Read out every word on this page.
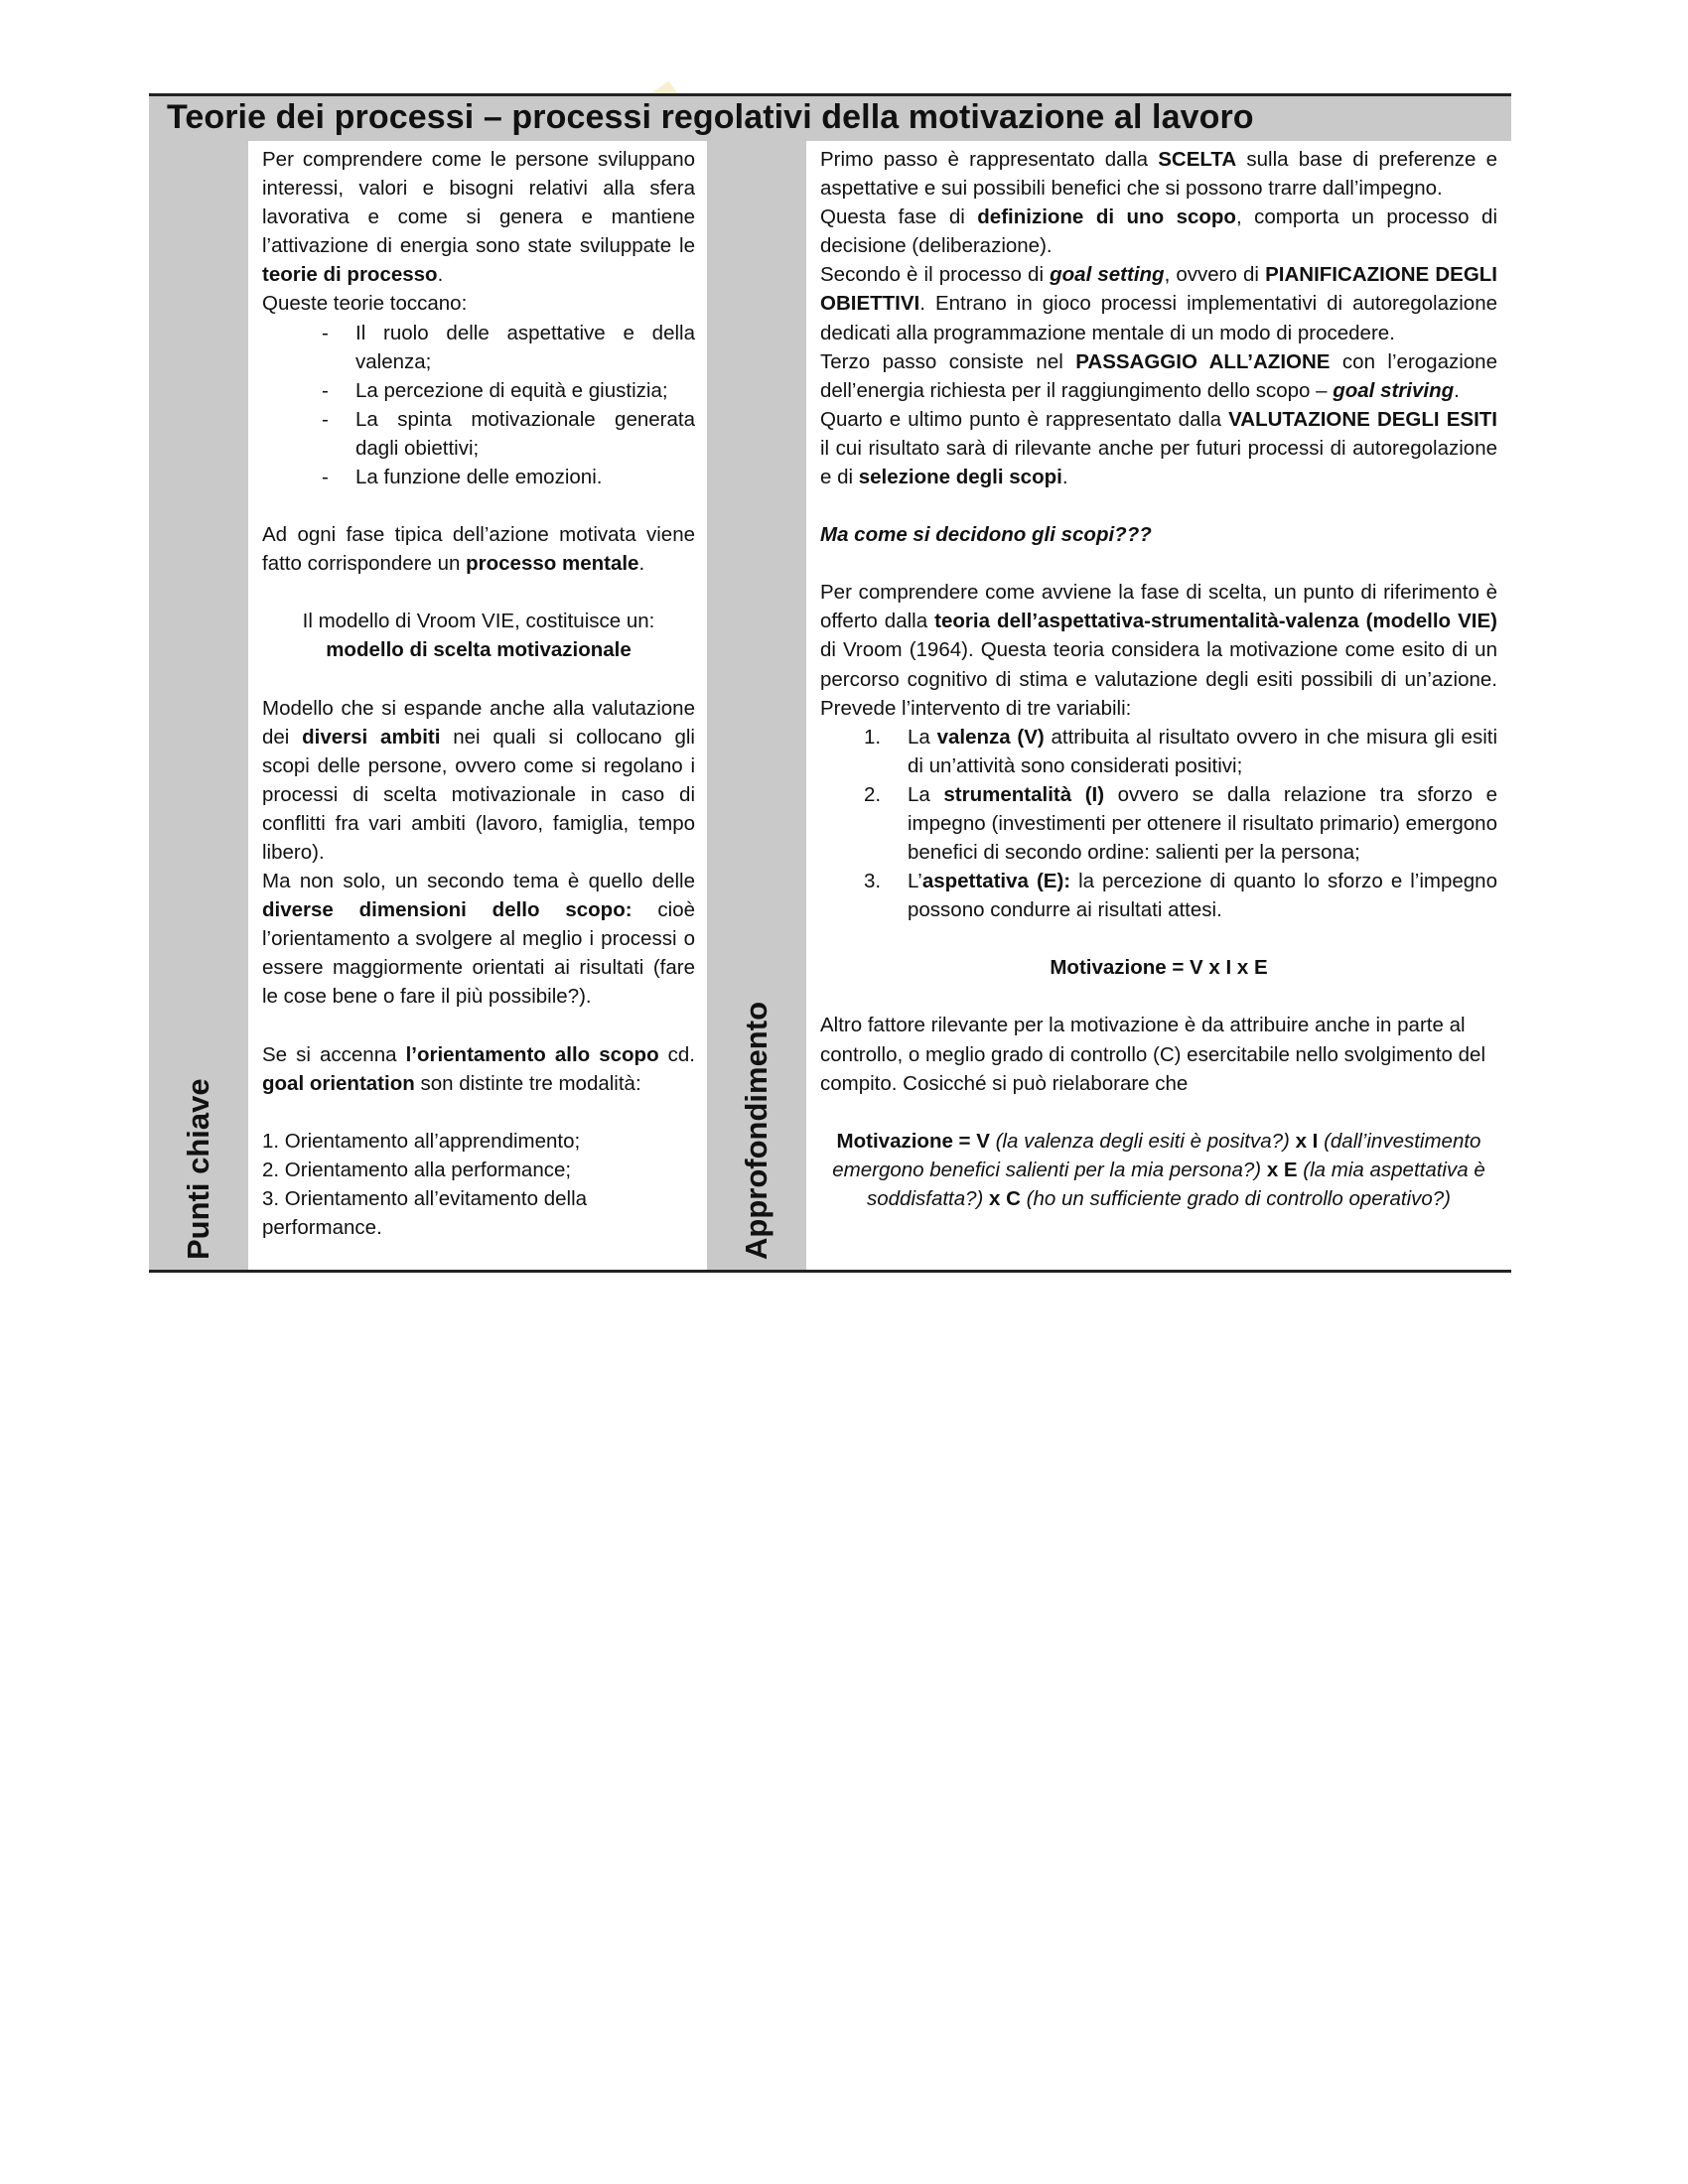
Teorie dei processi – processi regolativi della motivazione al lavoro
Punti chiave

Per comprendere come le persone sviluppano interessi, valori e bisogni relativi alla sfera lavorativa e come si genera e mantiene l’attivazione di energia sono state sviluppate le teorie di processo.

Queste teorie toccano:

- Il ruolo delle aspettative e della valenza;
- La percezione di equità e giustizia;
- La spinta motivazionale generata dagli obiettivi;
- La funzione delle emozioni.

Ad ogni fase tipica dell’azione motivata viene fatto corrispondere un processo mentale.

Il modello di Vroom VIE, costituisce un:

modello di scelta motivazionale

Modello che si espande anche alla valutazione dei diversi ambiti nei quali si collocano gli scopi delle persone, ovvero come si regolano i processi di scelta motivazionale in caso di conflitti fra vari ambiti (lavoro, famiglia, tempo libero).

Ma non solo, un secondo tema è quello delle diverse dimensioni dello scopo: cioè l’orientamento a svolgere al meglio i processi o essere maggiormente orientati ai risultati (fare le cose bene o fare il più possibile?).

Se si accenna l’orientamento allo scopo cd. goal orientation son distinte tre modalità:

1. Orientamento all’apprendimento;

2. Orientamento alla performance;

3. Orientamento all’evitamento della performance.	Approfondimento

Primo passo è rappresentato dalla SCELTA sulla base di preferenze e aspettative e sui possibili benefici che si possono trarre dall’impegno.

Questa fase di definizione di uno scopo, comporta un processo di decisione (deliberazione).

Secondo è il processo di goal setting, ovvero di PIANIFICAZIONE DEGLI OBIETTIVI. Entrano in gioco processi implementativi di autoregolazione dedicati alla programmazione mentale di un modo di procedere.

Terzo passo consiste nel PASSAGGIO ALL’AZIONE con l’erogazione dell’energia richiesta per il raggiungimento dello scopo – goal striving.

Quarto e ultimo punto è rappresentato dalla VALUTAZIONE DEGLI ESITI il cui risultato sarà di rilevante anche per futuri processi di autoregolazione e di selezione degli scopi.

Ma come si decidono gli scopi???

Per comprendere come avviene la fase di scelta, un punto di riferimento è offerto dalla teoria dell’aspettativa-strumentalità-valenza (modello VIE) di Vroom (1964). Questa teoria considera la motivazione come esito di un percorso cognitivo di stima e valutazione degli esiti possibili di un’azione. Prevede l’intervento di tre variabili:

1. La valenza (V) attribuita al risultato ovvero in che misura gli esiti di un’attività sono considerati positivi;
2. La strumentalità (I) ovvero se dalla relazione tra sforzo e impegno (investimenti per ottenere il risultato primario) emergono benefici di secondo ordine: salienti per la persona;
3. L’aspettativa (E): la percezione di quanto lo sforzo e l’impegno possono condurre ai risultati attesi.

Motivazione = V x I x E

Altro fattore rilevante per la motivazione è da attribuire anche in parte al controllo, o meglio grado di controllo (C) esercitabile nello svolgimento del compito. Cosicché si può rielaborare che

Motivazione = V (la valenza degli esiti è positva?) x I (dall’investimento emergono benefici salienti per la mia persona?) x E (la mia aspettativa è soddisfatta?) x C (ho un sufficiente grado di controllo operativo?)
